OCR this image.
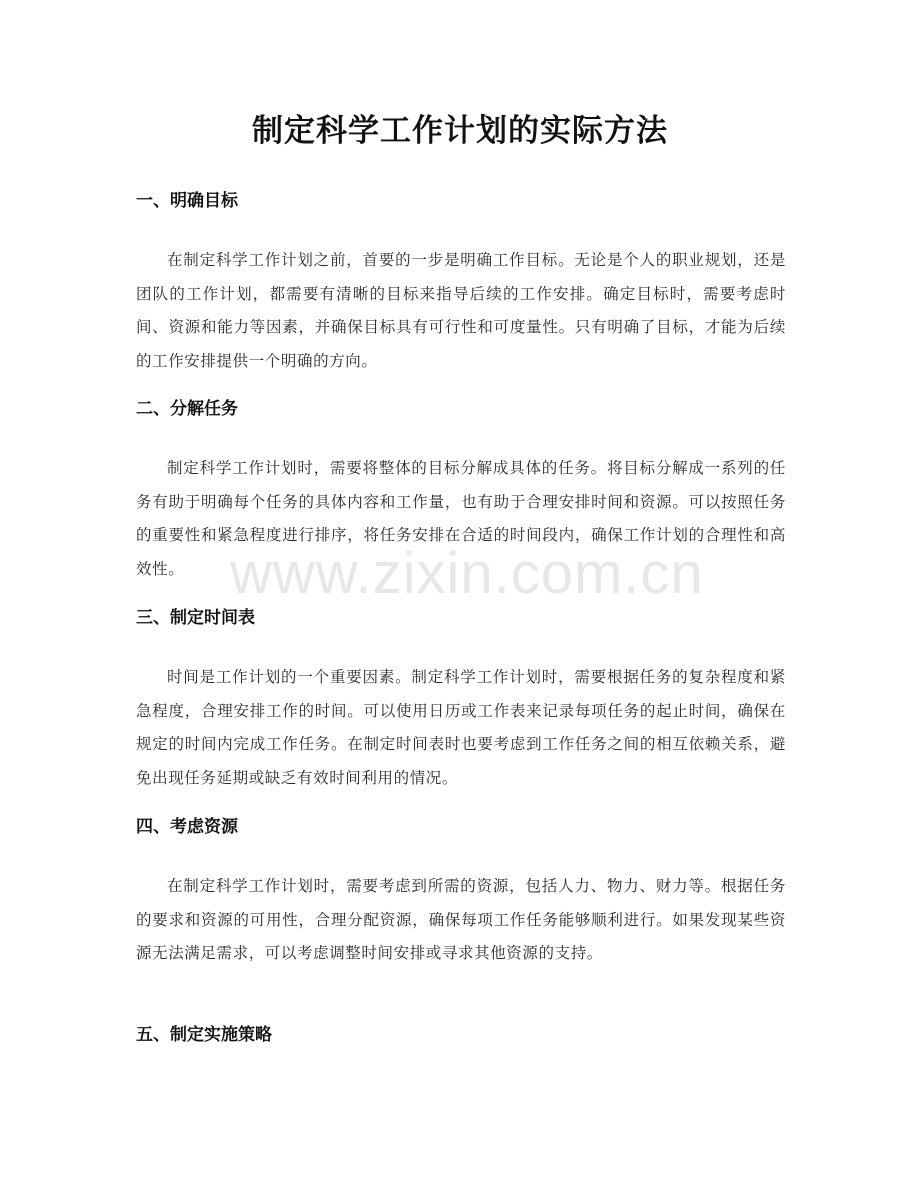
制定科学工作计划的实际方法
一、明确目标

在制定科学工作计划之前，首要的一步是明确工作目标。无论是个人的职业规划，还是团队的工作计划，都需要有清晰的目标来指导后续的工作安排。确定目标时，需要考虑时间、资源和能力等因素，并确保目标具有可行性和可度量性。只有明确了目标，才能为后续的工作安排提供一个明确的方向。

二、分解任务

制定科学工作计划时，需要将整体的目标分解成具体的任务。将目标分解成一系列的任务有助于明确每个任务的具体内容和工作量，也有助于合理安排时间和资源。可以按照任务的重要性和紧急程度进行排序，将任务安排在合适的时间段内，确保工作计划的合理性和高效性。

三、制定时间表

时间是工作计划的一个重要因素。制定科学工作计划时，需要根据任务的复杂程度和紧急程度，合理安排工作的时间。可以使用日历或工作表来记录每项任务的起止时间，确保在规定的时间内完成工作任务。在制定时间表时也要考虑到工作任务之间的相互依赖关系，避免出现任务延期或缺乏有效时间利用的情况。

四、考虑资源

在制定科学工作计划时，需要考虑到所需的资源，包括人力、物力、财力等。根据任务的要求和资源的可用性，合理分配资源，确保每项工作任务能够顺利进行。如果发现某些资源无法满足需求，可以考虑调整时间安排或寻求其他资源的支持。

五、制定实施策略
www.zixin.com.cn
